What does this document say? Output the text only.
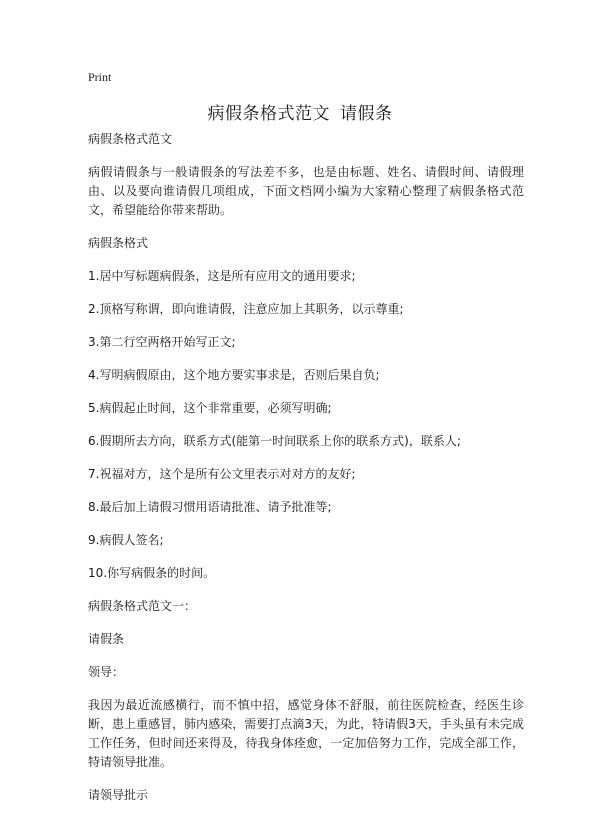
Print
病假条格式范文 请假条

病假条格式范文

病假请假条与一般请假条的写法差不多，也是由标题、姓名、请假时间、请假理由、以及要向谁请假几项组成，下面文档网小编为大家精心整理了病假条格式范文，希望能给你带来帮助。

病假条格式

1.居中写标题病假条，这是所有应用文的通用要求;

2.顶格写称谓，即向谁请假，注意应加上其职务，以示尊重;

3.第二行空两格开始写正文;

4.写明病假原由，这个地方要实事求是，否则后果自负;

5.病假起止时间，这个非常重要，必须写明确;

6.假期所去方向，联系方式(能第一时间联系上你的联系方式)，联系人;

7.祝福对方，这个是所有公文里表示对对方的友好;

8.最后加上请假习惯用语请批准、请予批准等;

9.病假人签名;

10.你写病假条的时间。

病假条格式范文一：

请假条

领导：

我因为最近流感横行，而不慎中招，感觉身体不舒服，前往医院检查，经医生诊断，患上重感冒，肺内感染，需要打点滴3天，为此，特请假3天，手头虽有未完成工作任务，但时间还来得及，待我身体痊愈，一定加倍努力工作，完成全部工作，特请领导批准。

请领导批示
